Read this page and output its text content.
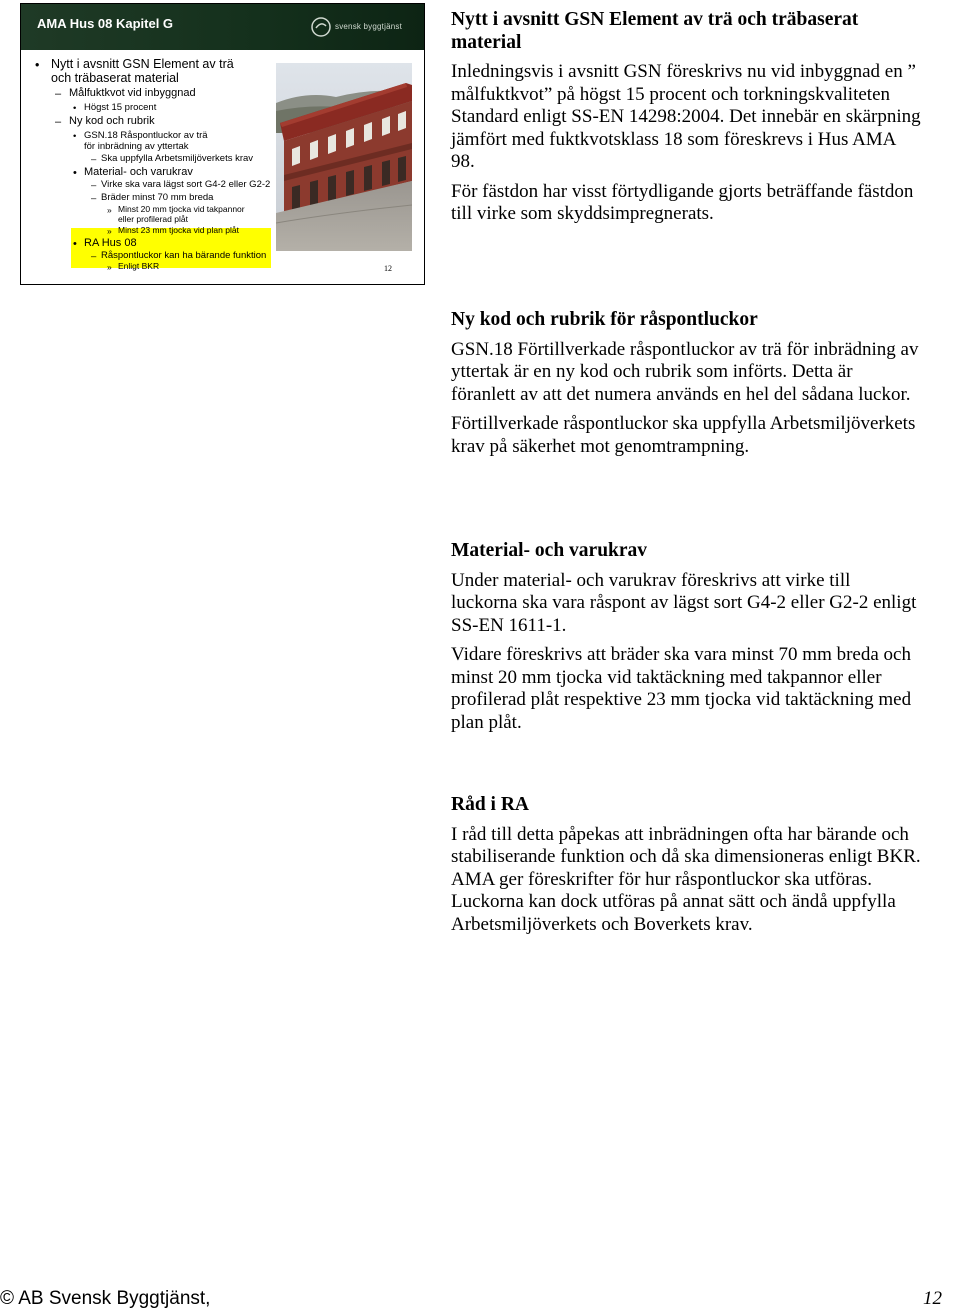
AMA Hus 08 Kapitel G	svensk byggtjänst
• Nytt i avsnitt GSN Element av trä
och träbaserat material
– Målfuktkvot vid inbyggnad
• Högst 15 procent
– Ny kod och rubrik
• GSN.18 Råspontluckor av trä
för inbrädning av yttertak
– Ska uppfylla Arbetsmiljöverkets krav
• Material- och varukrav
– Virke ska vara lägst sort G4-2 eller G2-2
– Bräder minst 70 mm breda
» Minst 20 mm tjocka vid takpannor
eller profilerad plåt
» Minst 23 mm tjocka vid plan plåt
• RA Hus 08
– Råspontluckor kan ha bärande funktion
» Enligt BKR	12

Nytt i avsnitt GSN Element av trä och träbaserat material

Inledningsvis i avsnitt GSN föreskrivs nu vid inbyggnad en ” målfuktkvot” på högst 15 procent och torkningskvaliteten Standard enligt SS-EN 14298:2004. Det innebär en skärpning jämfört med fuktkvotsklass 18 som föreskrevs i Hus AMA 98.

För fästdon har visst förtydligande gjorts beträffande fästdon till virke som skyddsimpregnerats.

Ny kod och rubrik för råspontluckor

GSN.18 Förtillverkade råspontluckor av trä för inbrädning av yttertak är en ny kod och rubrik som införts. Detta är föranlett av att det numera används en hel del sådana luckor.

Förtillverkade råspontluckor ska uppfylla Arbetsmiljöverkets krav på säkerhet mot genomtrampning.

Material- och varukrav

Under material- och varukrav föreskrivs att virke till luckorna ska vara råspont av lägst sort G4-2 eller G2-2 enligt SS-EN 1611-1.

Vidare föreskrivs att bräder ska vara minst 70 mm breda och minst 20 mm tjocka vid taktäckning med takpannor eller profilerad plåt respektive 23 mm tjocka vid taktäckning med plan plåt.

Råd i RA

I råd till detta påpekas att inbrädningen ofta har bärande och stabiliserande funktion och då ska dimensioneras enligt BKR. AMA ger föreskrifter för hur råspontluckor ska utföras. Luckorna kan dock utföras på annat sätt och ändå uppfylla Arbetsmiljöverkets och Boverkets krav.

© AB Svensk Byggtjänst,	12
